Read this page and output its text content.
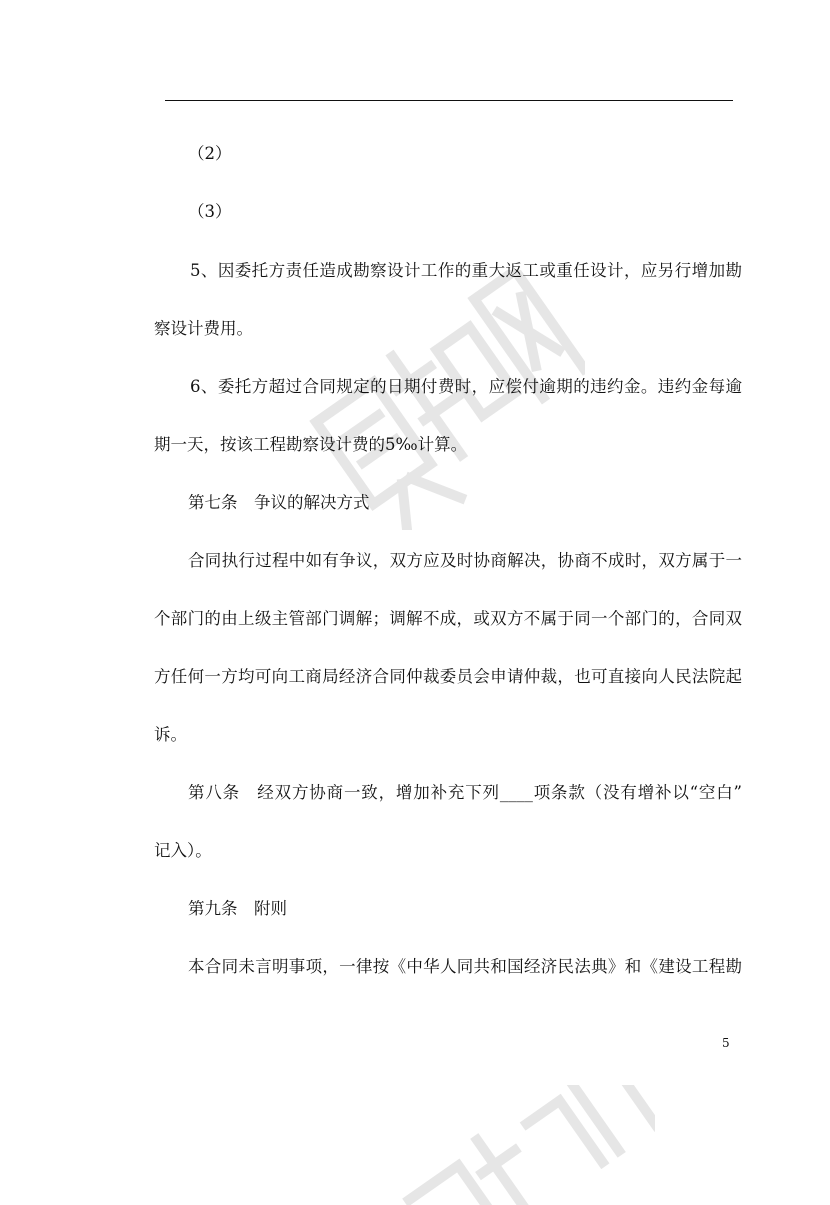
觅知网
（2）
（3）
5、因委托方责任造成勘察设计工作的重大返工或重任设计，应另行增加勘
察设计费用。
6、委托方超过合同规定的日期付费时，应偿付逾期的违约金。违约金每逾
期一天，按该工程勘察设计费的5‰计算。
第七条　争议的解决方式
合同执行过程中如有争议，双方应及时协商解决，协商不成时，双方属于一
个部门的由上级主管部门调解；调解不成，或双方不属于同一个部门的，合同双
方任何一方均可向工商局经济合同仲裁委员会申请仲裁，也可直接向人民法院起
诉。
第八条　经双方协商一致，增加补充下列____项条款（没有增补以“空白”
记入）。
第九条　附则
本合同未言明事项，一律按《中华人同共和国经济民法典》和《建设工程勘
5
